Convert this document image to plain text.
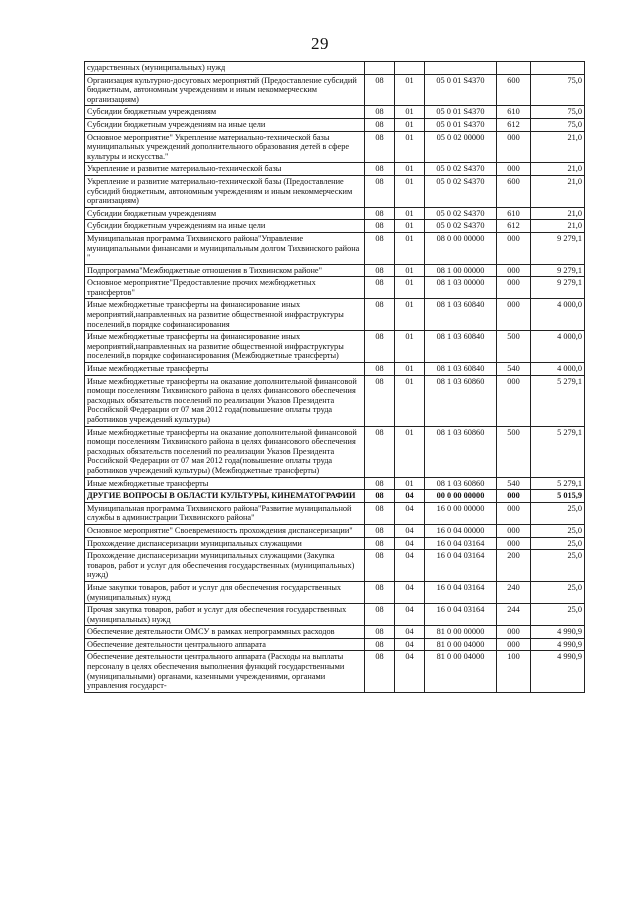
29
сударственных (муниципальных) нужд					
Организация культурно-досуговых мероприятий (Предоставление субсидий бюджетным, автономным учреждениям и иным некоммерческим организациям)	08	01	05 0 01 S4370	600	75,0
Субсидии бюджетным учреждениям	08	01	05 0 01 S4370	610	75,0
Субсидии бюджетным учреждениям на иные цели	08	01	05 0 01 S4370	612	75,0
Основное мероприятие" Укрепление материально-технической базы муниципальных учреждений дополнительного образования детей в сфере культуры и искусства."	08	01	05 0 02 00000	000	21,0
Укрепление и развитие материально-технической базы	08	01	05 0 02 S4370	000	21,0
Укрепление и развитие материально-технической базы (Предоставление субсидий бюджетным, автономным учреждениям и иным некоммерческим организациям)	08	01	05 0 02 S4370	600	21,0
Субсидии бюджетным учреждениям	08	01	05 0 02 S4370	610	21,0
Субсидии бюджетным учреждениям на иные цели	08	01	05 0 02 S4370	612	21,0
Муниципальная программа Тихвинского района"Управление муниципальными финансами и муниципальным долгом Тихвинского района "	08	01	08 0 00 00000	000	9 279,1
Подпрограмма"Межбюджетные отношения в Тихвинском районе"	08	01	08 1 00 00000	000	9 279,1
Основное мероприятие"Предоставление прочих межбюджетных трансфертов"	08	01	08 1 03 00000	000	9 279,1
Иные межбюджетные трансферты на финансирование иных мероприятий,направленных на развитие общественной инфраструктуры поселений,в порядке софинансирования	08	01	08 1 03 60840	000	4 000,0
Иные межбюджетные трансферты на финансирование иных мероприятий,направленных на развитие общественной инфраструктуры поселений,в порядке софинансирования (Межбюджетные трансферты)	08	01	08 1 03 60840	500	4 000,0
Иные межбюджетные трансферты	08	01	08 1 03 60840	540	4 000,0
Иные межбюджетные трансферты на оказание дополнительной финансовой помощи поселениям Тихвинского района в целях финансового обеспечения расходных обязательств поселений по реализации Указов Президента Российской Федерации от 07 мая 2012 года(повышение оплаты труда работников учреждений культуры)	08	01	08 1 03 60860	000	5 279,1
Иные межбюджетные трансферты на оказание дополнительной финансовой помощи поселениям Тихвинского района в целях финансового обеспечения расходных обязательств поселений по реализации Указов Президента Российской Федерации от 07 мая 2012 года(повышение оплаты труда работников учреждений культуры) (Межбюджетные трансферты)	08	01	08 1 03 60860	500	5 279,1
Иные межбюджетные трансферты	08	01	08 1 03 60860	540	5 279,1
ДРУГИЕ ВОПРОСЫ В ОБЛАСТИ КУЛЬТУРЫ, КИНЕМАТОГРАФИИ	08	04	00 0 00 00000	000	5 015,9
Муниципальная программа Тихвинского района"Развитие муниципальной службы в администрации Тихвинского района"	08	04	16 0 00 00000	000	25,0
Основное мероприятие" Своевременность прохождения диспансеризации"	08	04	16 0 04 00000	000	25,0
Прохождение диспансеризации муниципальных служащими	08	04	16 0 04 03164	000	25,0
Прохождение диспансеризации муниципальных служащими (Закупка товаров, работ и услуг для обеспечения государственных (муниципальных) нужд)	08	04	16 0 04 03164	200	25,0
Иные закупки товаров, работ и услуг для обеспечения государственных (муниципальных) нужд	08	04	16 0 04 03164	240	25,0
Прочая закупка товаров, работ и услуг для обеспечения государственных (муниципальных) нужд	08	04	16 0 04 03164	244	25,0
Обеспечение деятельности ОМСУ в рамках непрограммных расходов	08	04	81 0 00 00000	000	4 990,9
Обеспечение деятельности центрального аппарата	08	04	81 0 00 04000	000	4 990,9
Обеспечение деятельности центрального аппарата (Расходы на выплаты персоналу в целях обеспечения выполнения функций государственными (муниципальными) органами, казенными учреждениями, органами управления государст-	08	04	81 0 00 04000	100	4 990,9
